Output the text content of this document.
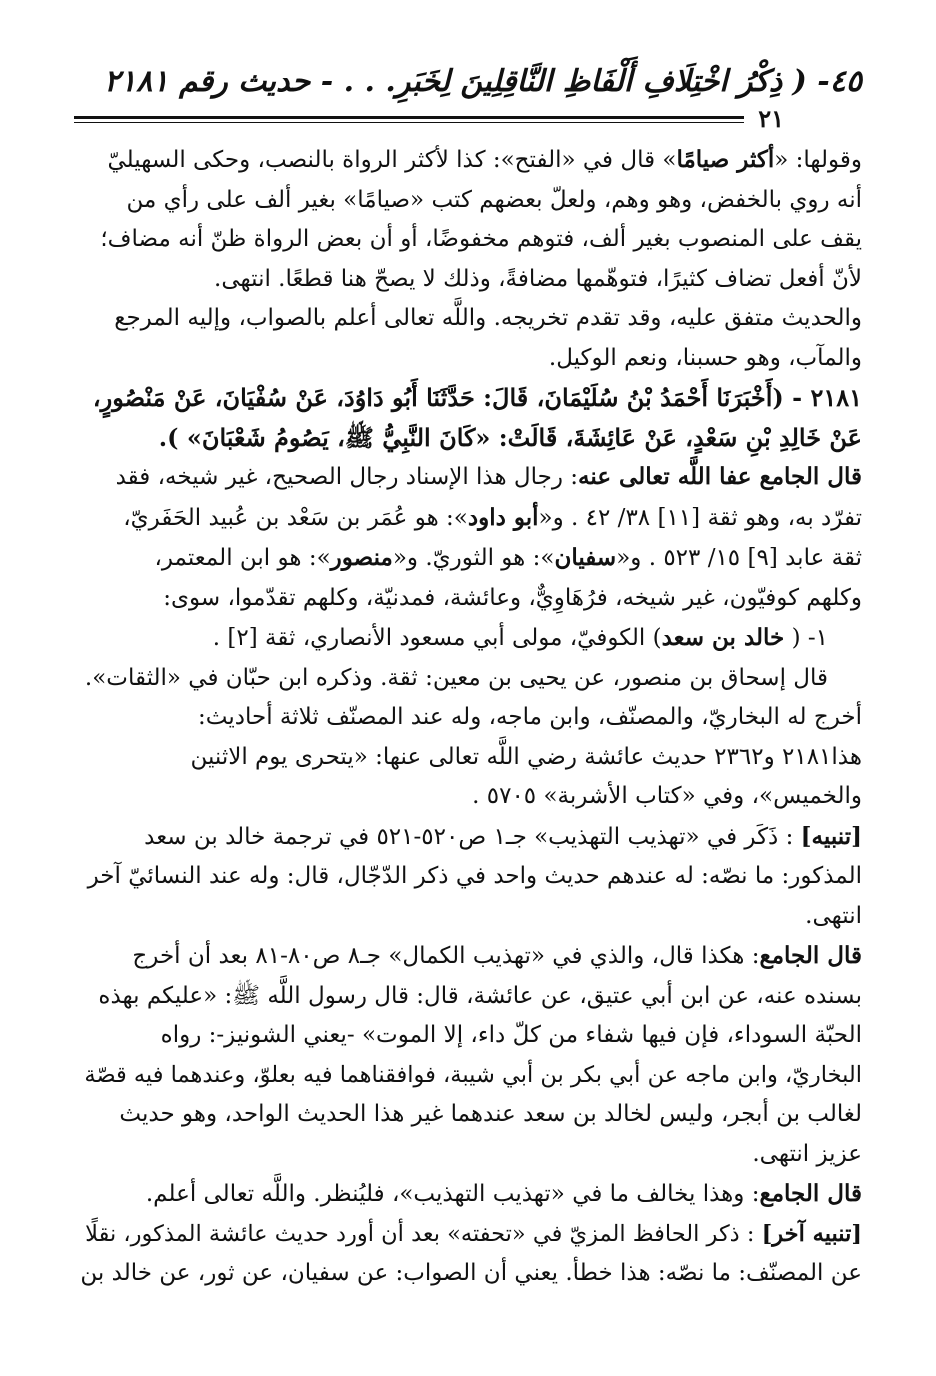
٤٥- ( ذِكْرُ اخْتِلَافِ أَلْفَاظِ النَّاقِلِينَ لِخَبَرِ. . . - حديث رقم ٢١٨١
٢١

وقولها: «أكثر صيامًا» قال في «الفتح»: كذا لأكثر الرواة بالنصب، وحكى السهيليّ

أنه روي بالخفض، وهو وهم، ولعلّ بعضهم كتب «صيامًا» بغير ألف على رأي من

يقف على المنصوب بغير ألف، فتوهم مخفوضًا، أو أن بعض الرواة ظنّ أنه مضاف؛

لأنّ أفعل تضاف كثيرًا، فتوهّمها مضافةً، وذلك لا يصحّ هنا قطعًا. انتهى.

والحديث متفق عليه، وقد تقدم تخريجه. واللَّه تعالى أعلم بالصواب، وإليه المرجع

والمآب، وهو حسبنا، ونعم الوكيل.

٢١٨١ - (أَخْبَرَنَا أَحْمَدُ بْنُ سُلَيْمَانَ، قَالَ: حَدَّثَنَا أَبُو دَاوُدَ، عَنْ سُفْيَانَ، عَنْ مَنْصُورٍ،

عَنْ خَالِدِ بْنِ سَعْدٍ، عَنْ عَائِشَةَ، قَالَتْ: «كَانَ النَّبِيُّ ﷺ، يَصُومُ شَعْبَانَ» ).

قال الجامع عفا اللَّه تعالى عنه: رجال هذا الإسناد رجال الصحيح، غير شيخه، فقد

تفرّد به، وهو ثقة [١١] ٣٨/ ٤٢ . و«أبو داود»: هو عُمَر بن سَعْد بن عُبيد الحَفَريّ،

ثقة عابد [٩] ١٥/ ٥٢٣ . و«سفيان»: هو الثوريّ. و«منصور»: هو ابن المعتمر،

وكلهم كوفيّون، غير شيخه، فرُهَاوِيٌّ، وعائشة، فمدنيّة، وكلهم تقدّموا، سوى:

١- ( خالد بن سعد) الكوفيّ، مولى أبي مسعود الأنصاري، ثقة [٢] .

قال إسحاق بن منصور، عن يحيى بن معين: ثقة. وذكره ابن حبّان في «الثقات».

أخرج له البخاريّ، والمصنّف، وابن ماجه، وله عند المصنّف ثلاثة أحاديث:

هذا٢١٨١ و٢٣٦٢ حديث عائشة رضي اللَّه تعالى عنها: «يتحرى يوم الاثنين

والخميس»، وفي «كتاب الأشربة» ٥٧٠٥ .

[تنبيه] : ذَكَر في «تهذيب التهذيب» جـ١ ص٥٢٠-٥٢١ في ترجمة خالد بن سعد

المذكور: ما نصّه: له عندهم حديث واحد في ذكر الدّجّال، قال: وله عند النسائيّ آخر

انتهى.

قال الجامع: هكذا قال، والذي في «تهذيب الكمال» جـ٨ ص٨٠-٨١ بعد أن أخرج

بسنده عنه، عن ابن أبي عتيق، عن عائشة، قال: قال رسول اللَّه ﷺ: «عليكم بهذه

الحبّة السوداء، فإن فيها شفاء من كلّ داء، إلا الموت» -يعني الشونيز-: رواه

البخاريّ، وابن ماجه عن أبي بكر بن أبي شيبة، فوافقناهما فيه بعلوّ، وعندهما فيه قصّة

لغالب بن أبجر، وليس لخالد بن سعد عندهما غير هذا الحديث الواحد، وهو حديث

عزيز انتهى.

قال الجامع: وهذا يخالف ما في «تهذيب التهذيب»، فليُنظر. واللَّه تعالى أعلم.

[تنبيه آخر] : ذكر الحافظ المزيّ في «تحفته» بعد أن أورد حديث عائشة المذكور، نقلًا

عن المصنّف: ما نصّه: هذا خطأ. يعني أن الصواب: عن سفيان، عن ثور، عن خالد بن
